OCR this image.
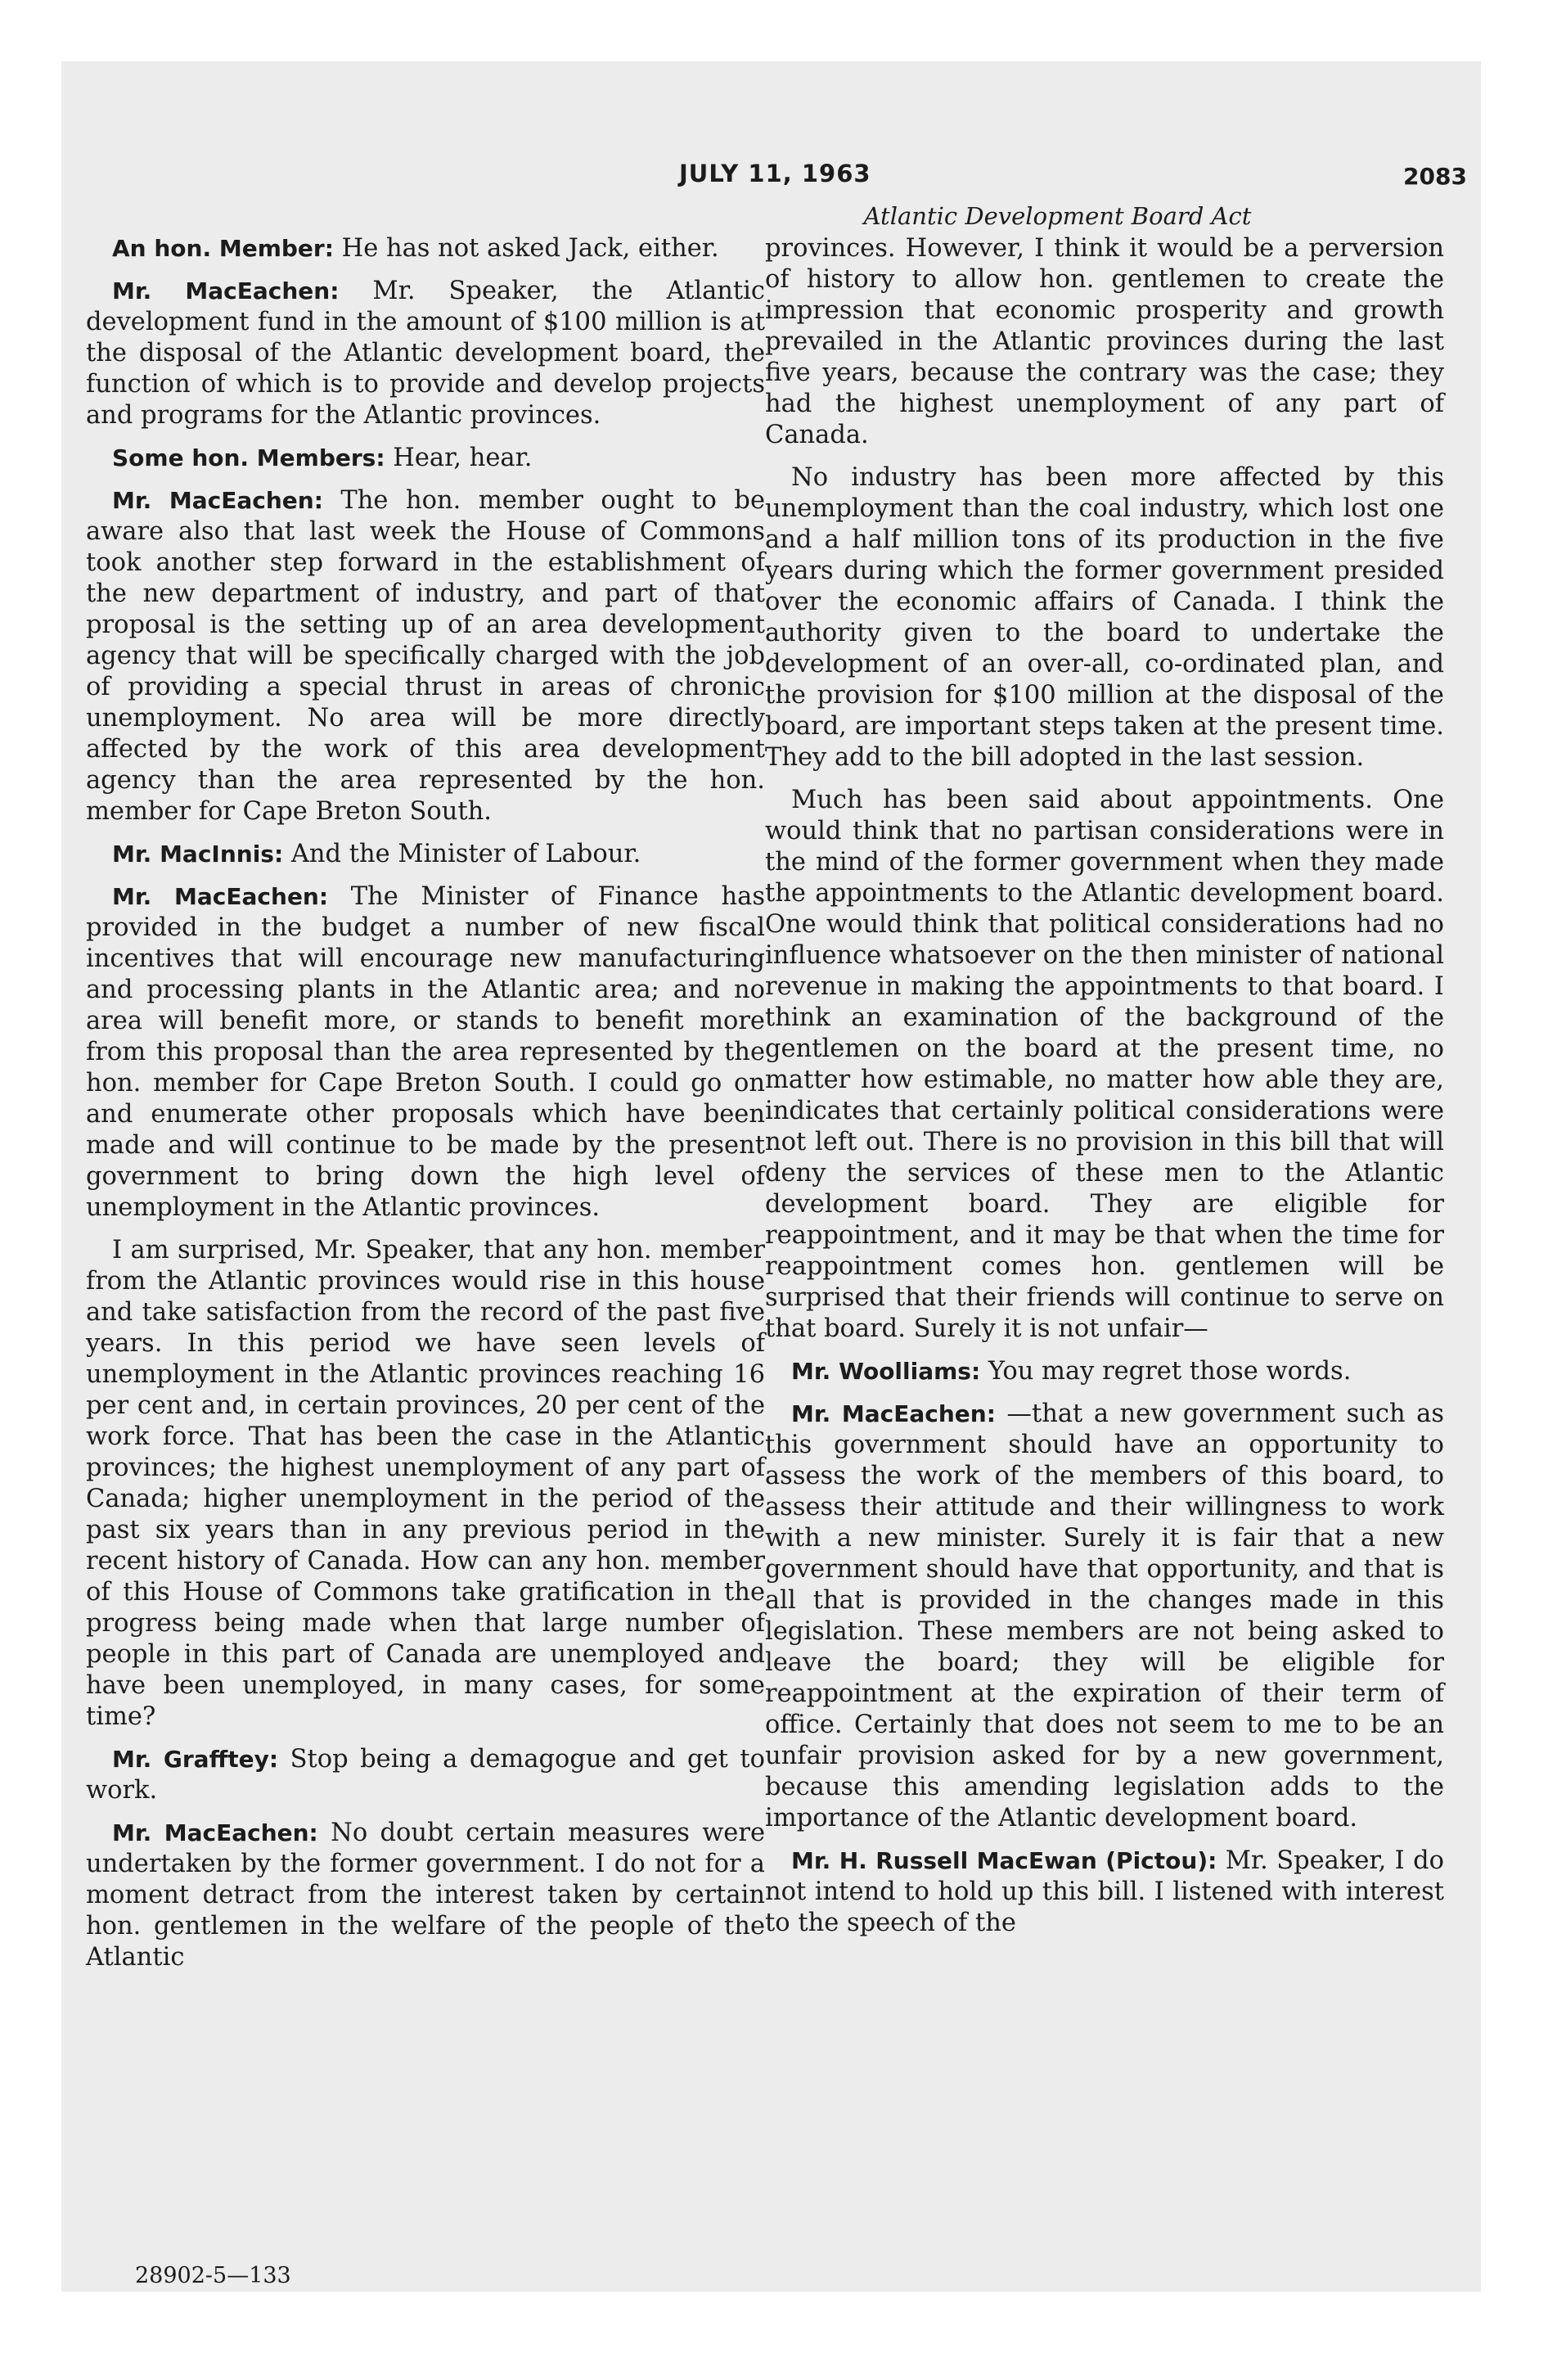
JULY 11, 1963	2083
Atlantic Development Board Act

An hon. Member: He has not asked Jack, either.

Mr. MacEachen: Mr. Speaker, the Atlantic development fund in the amount of $100 million is at the disposal of the Atlantic development board, the function of which is to provide and develop projects and programs for the Atlantic provinces.

Some hon. Members: Hear, hear.

Mr. MacEachen: The hon. member ought to be aware also that last week the House of Commons took another step forward in the establishment of the new department of industry, and part of that proposal is the setting up of an area development agency that will be specifically charged with the job of providing a special thrust in areas of chronic unemployment. No area will be more directly affected by the work of this area development agency than the area represented by the hon. member for Cape Breton South.

Mr. MacInnis: And the Minister of Labour.

Mr. MacEachen: The Minister of Finance has provided in the budget a number of new fiscal incentives that will encourage new manufacturing and processing plants in the Atlantic area; and no area will benefit more, or stands to benefit more from this proposal than the area represented by the hon. member for Cape Breton South. I could go on and enumerate other proposals which have been made and will continue to be made by the present government to bring down the high level of unemployment in the Atlantic provinces.

I am surprised, Mr. Speaker, that any hon. member from the Atlantic provinces would rise in this house and take satisfaction from the record of the past five years. In this period we have seen levels of unemployment in the Atlantic provinces reaching 16 per cent and, in certain provinces, 20 per cent of the work force. That has been the case in the Atlantic provinces; the highest unemployment of any part of Canada; higher unemployment in the period of the past six years than in any previous period in the recent history of Canada. How can any hon. member of this House of Commons take gratification in the progress being made when that large number of people in this part of Canada are unemployed and have been unemployed, in many cases, for some time?

Mr. Grafftey: Stop being a demagogue and get to work.

Mr. MacEachen: No doubt certain measures were undertaken by the former government. I do not for a moment detract from the interest taken by certain hon. gentlemen in the welfare of the people of the Atlantic

provinces. However, I think it would be a perversion of history to allow hon. gentlemen to create the impression that economic prosperity and growth prevailed in the Atlantic provinces during the last five years, because the contrary was the case; they had the highest unemployment of any part of Canada.

No industry has been more affected by this unemployment than the coal industry, which lost one and a half million tons of its production in the five years during which the former government presided over the economic affairs of Canada. I think the authority given to the board to undertake the development of an over-all, co-ordinated plan, and the provision for $100 million at the disposal of the board, are important steps taken at the present time. They add to the bill adopted in the last session.

Much has been said about appointments. One would think that no partisan considerations were in the mind of the former government when they made the appointments to the Atlantic development board. One would think that political considerations had no influence whatsoever on the then minister of national revenue in making the appointments to that board. I think an examination of the background of the gentlemen on the board at the present time, no matter how estimable, no matter how able they are, indicates that certainly political considerations were not left out. There is no provision in this bill that will deny the services of these men to the Atlantic development board. They are eligible for reappointment, and it may be that when the time for reappointment comes hon. gentlemen will be surprised that their friends will continue to serve on that board. Surely it is not unfair—

Mr. Woolliams: You may regret those words.

Mr. MacEachen: —that a new government such as this government should have an opportunity to assess the work of the members of this board, to assess their attitude and their willingness to work with a new minister. Surely it is fair that a new government should have that opportunity, and that is all that is provided in the changes made in this legislation. These members are not being asked to leave the board; they will be eligible for reappointment at the expiration of their term of office. Certainly that does not seem to me to be an unfair provision asked for by a new government, because this amending legislation adds to the importance of the Atlantic development board.

Mr. H. Russell MacEwan (Pictou): Mr. Speaker, I do not intend to hold up this bill. I listened with interest to the speech of the

28902-5—133
